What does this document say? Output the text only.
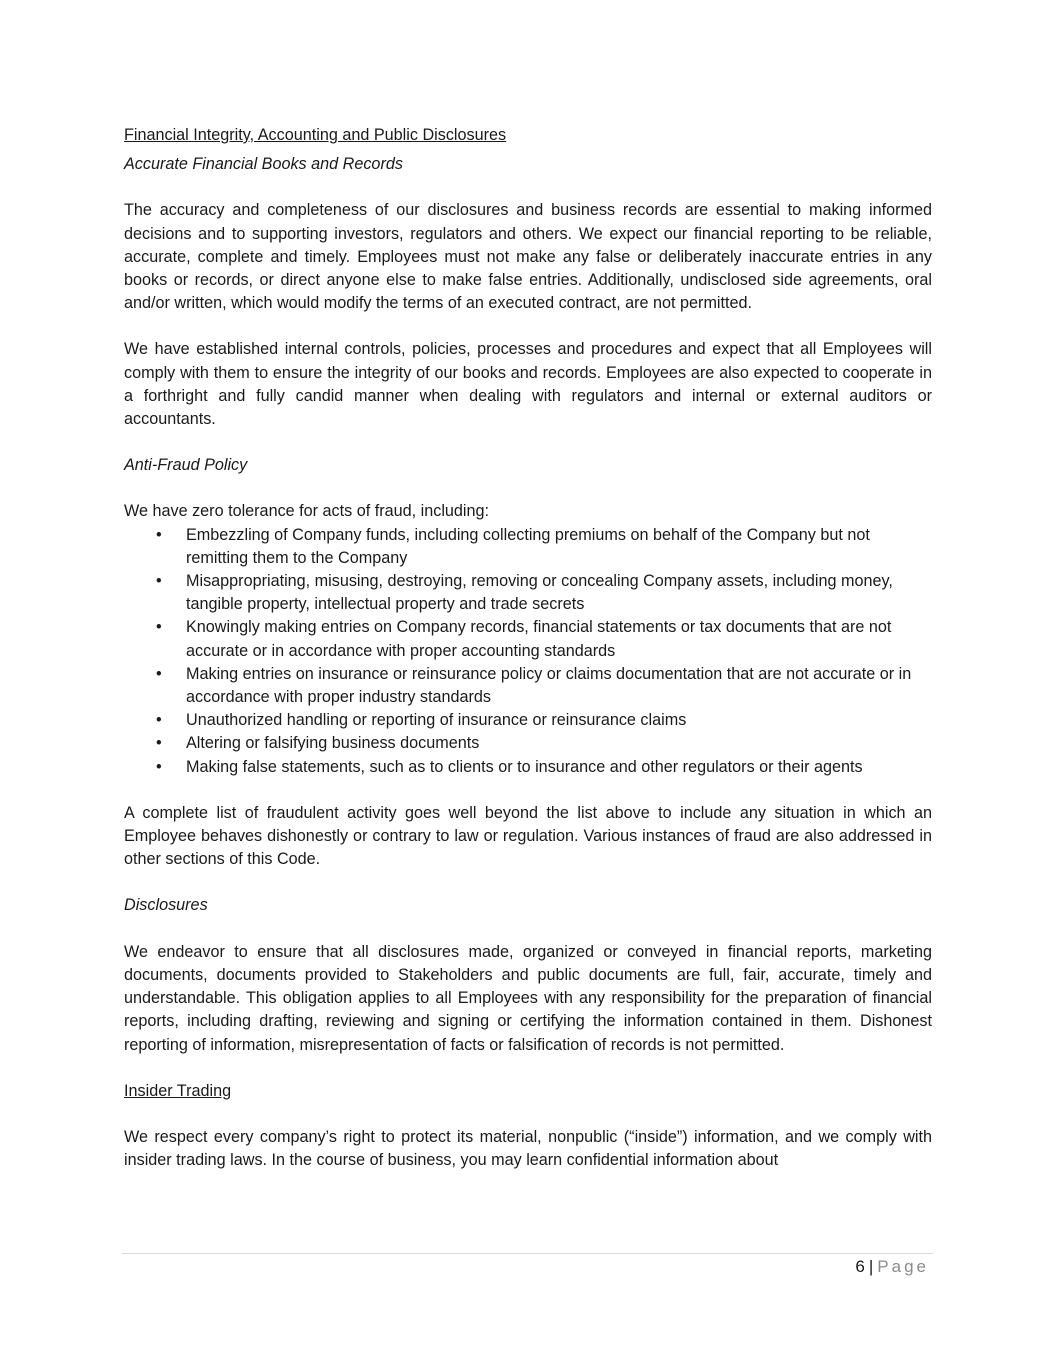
Financial Integrity, Accounting and Public Disclosures

Accurate Financial Books and Records

The accuracy and completeness of our disclosures and business records are essential to making informed decisions and to supporting investors, regulators and others. We expect our financial reporting to be reliable, accurate, complete and timely. Employees must not make any false or deliberately inaccurate entries in any books or records, or direct anyone else to make false entries. Additionally, undisclosed side agreements, oral and/or written, which would modify the terms of an executed contract, are not permitted.

We have established internal controls, policies, processes and procedures and expect that all Employees will comply with them to ensure the integrity of our books and records. Employees are also expected to cooperate in a forthright and fully candid manner when dealing with regulators and internal or external auditors or accountants.

Anti-Fraud Policy

We have zero tolerance for acts of fraud, including:

• Embezzling of Company funds, including collecting premiums on behalf of the Company but not remitting them to the Company
• Misappropriating, misusing, destroying, removing or concealing Company assets, including money, tangible property, intellectual property and trade secrets
• Knowingly making entries on Company records, financial statements or tax documents that are not accurate or in accordance with proper accounting standards
• Making entries on insurance or reinsurance policy or claims documentation that are not accurate or in accordance with proper industry standards
• Unauthorized handling or reporting of insurance or reinsurance claims
• Altering or falsifying business documents
• Making false statements, such as to clients or to insurance and other regulators or their agents

A complete list of fraudulent activity goes well beyond the list above to include any situation in which an Employee behaves dishonestly or contrary to law or regulation. Various instances of fraud are also addressed in other sections of this Code.

Disclosures

We endeavor to ensure that all disclosures made, organized or conveyed in financial reports, marketing documents, documents provided to Stakeholders and public documents are full, fair, accurate, timely and understandable. This obligation applies to all Employees with any responsibility for the preparation of financial reports, including drafting, reviewing and signing or certifying the information contained in them. Dishonest reporting of information, misrepresentation of facts or falsification of records is not permitted.

Insider Trading

We respect every company’s right to protect its material, nonpublic (“inside”) information, and we comply with insider trading laws. In the course of business, you may learn confidential information about

6 | Page
